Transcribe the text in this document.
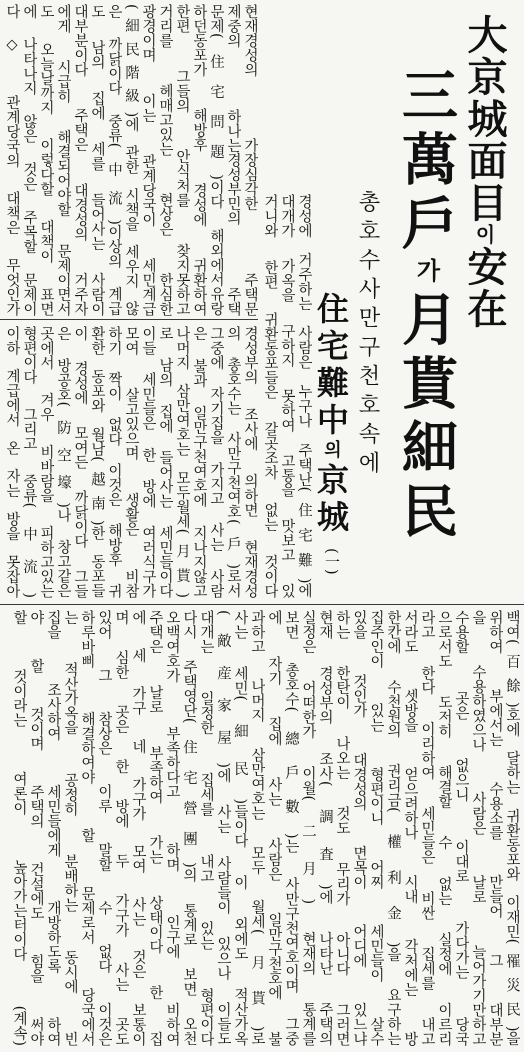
大京城面目이安在
三萬戶가月貰細民
총호수사만구천호속에
住宅難中의京城
(一)
현재경성의 가장심각한 주택문
제중의 하나는경성부민의 주택
문제(住宅問題)이다 해외에서유랑
하던동포가 해방후 경성에 귀환하여
한편 그들의 안식처를 찾지못하고
거리를 헤매고있는 현상은 한심한
광경이며 이는 관계당국이 세민계급
(細民階級)에 관한 시책을 세우지 않
은 까닭이다 중류(中流)이상의 계급
도 남의 집에 세를 들어사는 사람이
대부분이다 주택은 대경성의 거주자
에게 시급히 해결되어야할 문제이면서
도 오늘날까지 이렇다할 대책이 표면
에 나타나지 않은 것은 주목할 문제이
다◇ 관계당국의 대책은 무엇인가
경성에 거주하는 사람은 누구나 주택난(住宅難)에
대개가 가옥을 구하지 못하여 고통을 맛보고 있
거니와 한편 귀환동포들은 갈곳조차 없는 것이다
경성부의 조사에 의하면 현재경성
의 총호수는 사만구천여호(戶)로서
그중에 자기집을 가지고 사는 사람
은 불과 일만구천여호에 지나지않고
나머지 삼만여호는 모두월세(月貰)
로 남의 집에 들어사는 세민들이다
이들 세민들은 한 방에 여러식구가
모여 살고있으며 생활은 비참
하기 짝이 없다 이것은 해방후 귀
환한 동포와 월남(越南)한 동포들
이 경성에 모여든 까닭이다 그들
은 방공호(防空壕)나 창고같은
곳에서 겨우 비바람을 피하고있는
형편이다 그리고 중류(中流)
이하 계급에서 온 자는 방을 못잡아
백여(百餘)호에 달하는 귀환동포와 이재민(罹災民)을
위하여 부에서는 수용소를 만들어 그 대부분
을 수용하였으나 사람은 날로 늘어가기만하고
수용할 곳은 없으니 이대로 가다가는 당국
으로서도 도저히 해결할 수 없는 실정에 이르리
라고 한다 이리하여 세민들은 비싼 집세를 내고
서라도 셋방을 얻으려하나 시내 각처에는 방
한칸에 수천원의 권리금(權利金)을 요구하는
집주인이 있는 형편이니 어찌 세민들이 살수
있을 것인가 대경성의 면목이 어디에 있느냐
하는 한탄이 나오는 것도 무리가 아니다 그러면
현재 경성부의 조사(調査)에 나타난 주택의
실정은 어떠한가 이월(二月) 현재의 통계를
보면 총호수(總戶數)는 사만구천여호이며 그중
에 자기 집에 사는 사람은 일만구천호에 불
과하고 나머지 삼만여호는 모두 월세(月貰)로
사는 세민(細民)들이다 이 외에도 적산가옥
(敵産家屋)에 사는 사람들이 있으나 이들도
대개는 일정한 집세를 내고 있는 형편이다
다시 주택영단(住宅營團)의 통계로 보면 오천
오백여호가 부족하다고 하며 인구에 비하여
주택은 날로 부족하여 가는 상태이다 한 집
에 세 가구 네 가구가 모여 사는 것은 보통이
며 심한 곳은 한 방에 두 가구가 사는 곳도
있어 그 참상은 이루 말할 수 없다 이것은
하루바삐 해결하여야 할 문제로서 당국에서
는 적산가옥을 공정히 분배하는 동시에 빈
집을 조사하여 세민들에게 개방하도록 하여
야 할 것이며 주택의 건설에도 힘을 써야
할 것이라는 여론이 높아가는터이다 (계속)
